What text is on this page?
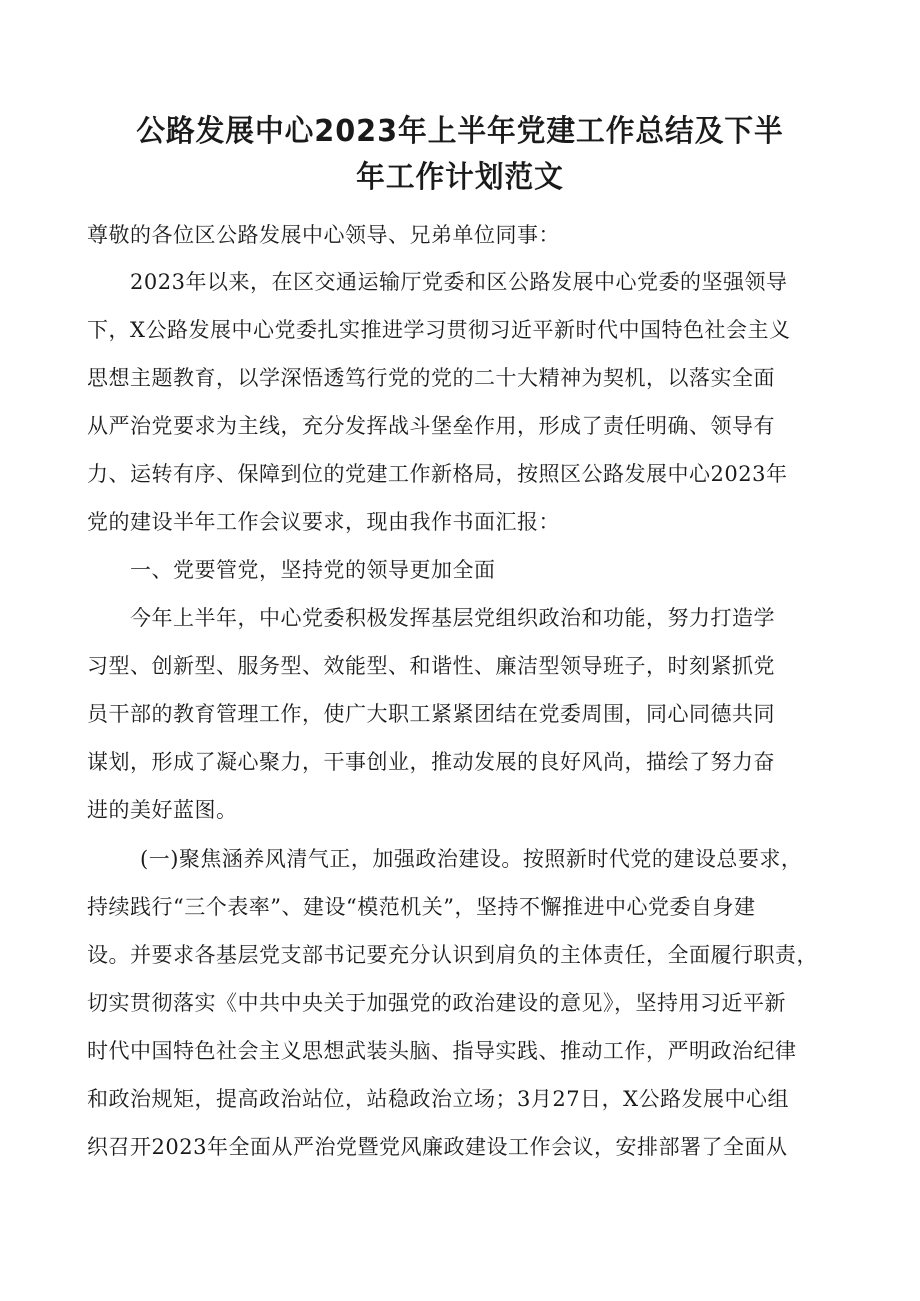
公路发展中心2023年上半年党建工作总结及下半
年工作计划范文
尊敬的各位区公路发展中心领导、兄弟单位同事：
2023年以来，在区交通运输厅党委和区公路发展中心党委的坚强领导
下，X公路发展中心党委扎实推进学习贯彻习近平新时代中国特色社会主义
思想主题教育，以学深悟透笃行党的党的二十大精神为契机，以落实全面
从严治党要求为主线，充分发挥战斗堡垒作用，形成了责任明确、领导有
力、运转有序、保障到位的党建工作新格局，按照区公路发展中心2023年
党的建设半年工作会议要求，现由我作书面汇报：
一、党要管党，坚持党的领导更加全面
今年上半年，中心党委积极发挥基层党组织政治和功能，努力打造学
习型、创新型、服务型、效能型、和谐性、廉洁型领导班子，时刻紧抓党
员干部的教育管理工作，使广大职工紧紧团结在党委周围，同心同德共同
谋划，形成了凝心聚力，干事创业，推动发展的良好风尚，描绘了努力奋
进的美好蓝图。
(一)聚焦涵养风清气正，加强政治建设。按照新时代党的建设总要求，
持续践行“三个表率”、建设“模范机关”，坚持不懈推进中心党委自身建
设。并要求各基层党支部书记要充分认识到肩负的主体责任，全面履行职责，
切实贯彻落实《中共中央关于加强党的政治建设的意见》，坚持用习近平新
时代中国特色社会主义思想武装头脑、指导实践、推动工作，严明政治纪律
和政治规矩，提高政治站位，站稳政治立场；3月27日，X公路发展中心组
织召开2023年全面从严治党暨党风廉政建设工作会议，安排部署了全面从
